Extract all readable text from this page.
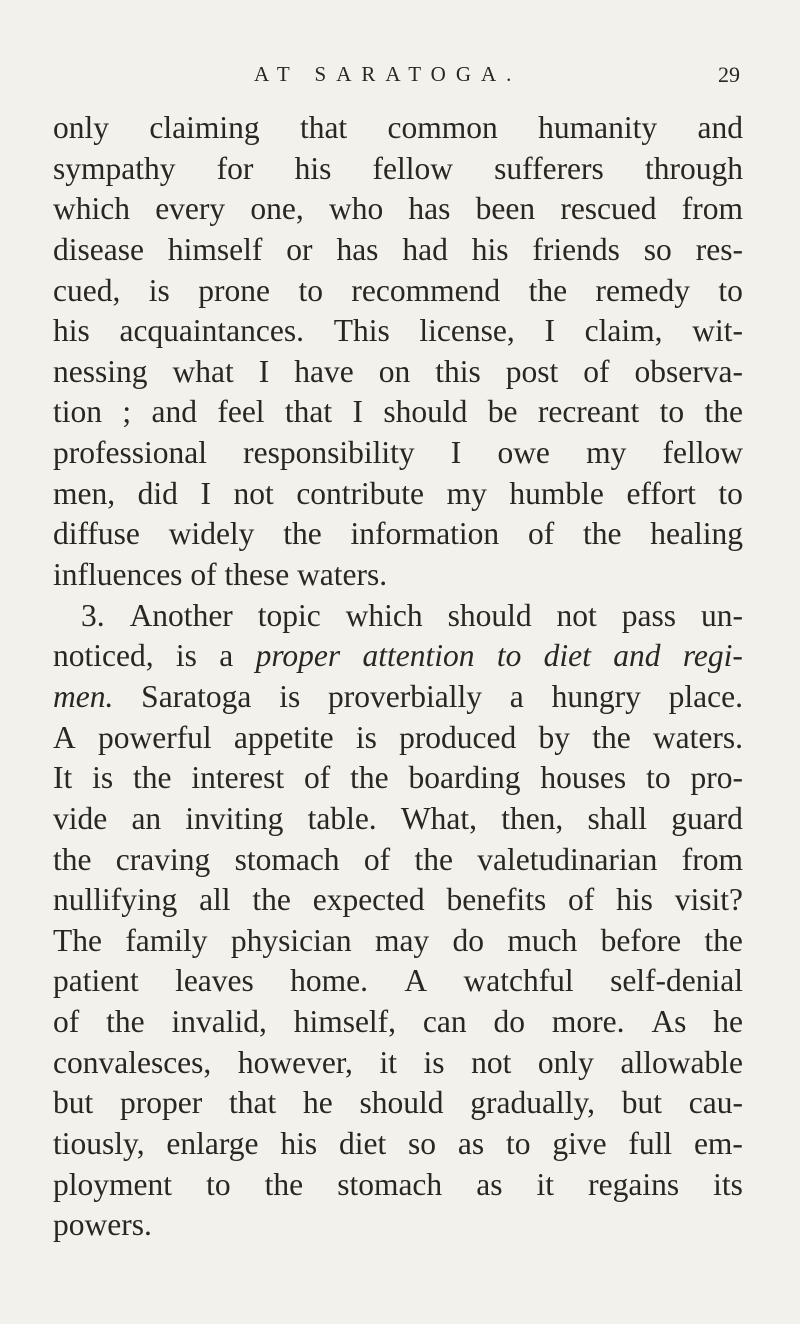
AT SARATOGA.	29
only claiming that common humanity and
sympathy for his fellow sufferers through
which every one, who has been rescued from
disease himself or has had his friends so res-
cued, is prone to recommend the remedy to
his acquaintances. This license, I claim, wit-
nessing what I have on this post of observa-
tion ; and feel that I should be recreant to the
professional responsibility I owe my fellow
men, did I not contribute my humble effort to
diffuse widely the information of the healing
influences of these waters.
3. Another topic which should not pass un-
noticed, is a proper attention to diet and regi-
men. Saratoga is proverbially a hungry place.
A powerful appetite is produced by the waters.
It is the interest of the boarding houses to pro-
vide an inviting table. What, then, shall guard
the craving stomach of the valetudinarian from
nullifying all the expected benefits of his visit?
The family physician may do much before the
patient leaves home. A watchful self-denial
of the invalid, himself, can do more. As he
convalesces, however, it is not only allowable
but proper that he should gradually, but cau-
tiously, enlarge his diet so as to give full em-
ployment to the stomach as it regains its
powers.
